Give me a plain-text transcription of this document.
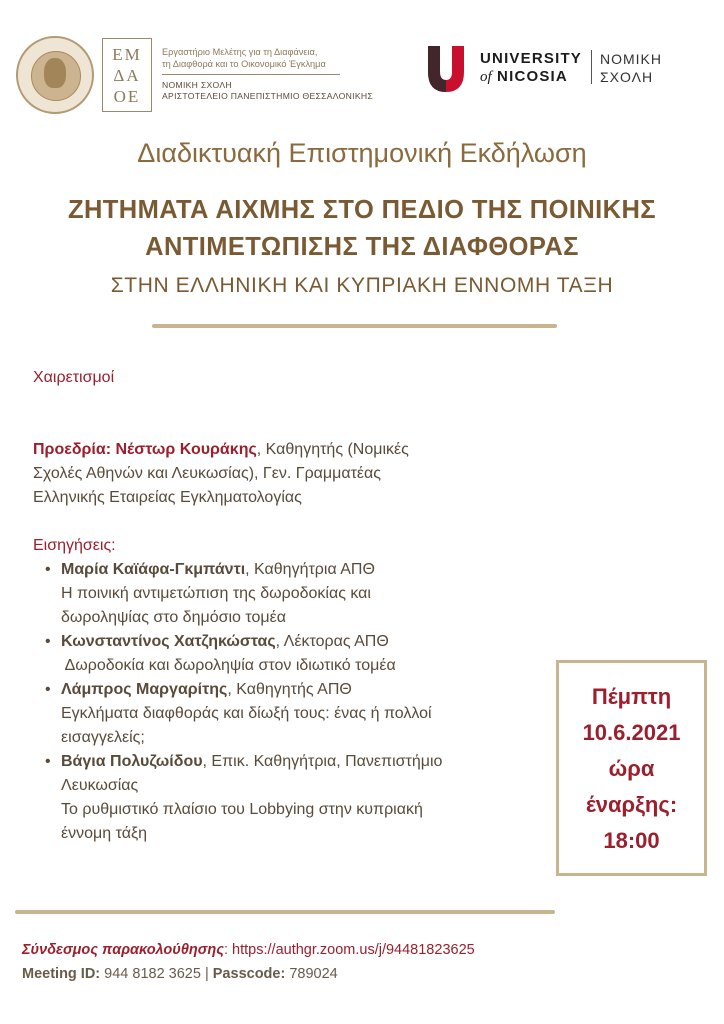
ΕΜ
ΔΑ
ΟΕ
Εργαστήριο Μελέτης για τη Διαφάνεια,
τη Διαφθορά και το Οικονομικό Έγκλημα
ΝΟΜΙΚΗ ΣΧΟΛΗ
ΑΡΙΣΤΟΤΕΛΕΙΟ ΠΑΝΕΠΙΣΤΗΜΙΟ ΘΕΣΣΑΛΟΝΙΚΗΣ
UNIVERSITY
of NICOSIA
ΝΟΜΙΚΗ
ΣΧΟΛΗ
Διαδικτυακή Επιστημονική Εκδήλωση
ΖΗΤΗΜΑΤΑ ΑΙΧΜΗΣ ΣΤΟ ΠΕΔΙΟ ΤΗΣ ΠΟΙΝΙΚΗΣ
ΑΝΤΙΜΕΤΩΠΙΣΗΣ ΤΗΣ ΔΙΑΦΘΟΡΑΣ
ΣΤΗΝ ΕΛΛΗΝΙΚΗ ΚΑΙ ΚΥΠΡΙΑΚΗ ΕΝΝΟΜΗ ΤΑΞΗ
Χαιρετισμοί
Προεδρία: Νέστωρ Κουράκης, Καθηγητής (Νομικές
Σχολές Αθηνών και Λευκωσίας), Γεν. Γραμματέας
Ελληνικής Εταιρείας Εγκληματολογίας
Εισηγήσεις:
• Μαρία Καϊάφα-Γκμπάντι, Καθηγήτρια ΑΠΘ
Η ποινική αντιμετώπιση της δωροδοκίας και
δωροληψίας στο δημόσιο τομέα
• Κωνσταντίνος Χατζηκώστας, Λέκτορας ΑΠΘ
Δωροδοκία και δωροληψία στον ιδιωτικό τομέα
• Λάμπρος Μαργαρίτης, Καθηγητής ΑΠΘ
Εγκλήματα διαφθοράς και δίωξή τους: ένας ή πολλοί
εισαγγελείς;
• Βάγια Πολυζωίδου, Επικ. Καθηγήτρια, Πανεπιστήμιο
Λευκωσίας
Το ρυθμιστικό πλαίσιο του Lobbying στην κυπριακή
έννομη τάξη
Πέμπτη
10.6.2021
ώρα
έναρξης:
18:00
Σύνδεσμος παρακολούθησης: https://authgr.zoom.us/j/94481823625
Meeting ID: 944 8182 3625 | Passcode: 789024
